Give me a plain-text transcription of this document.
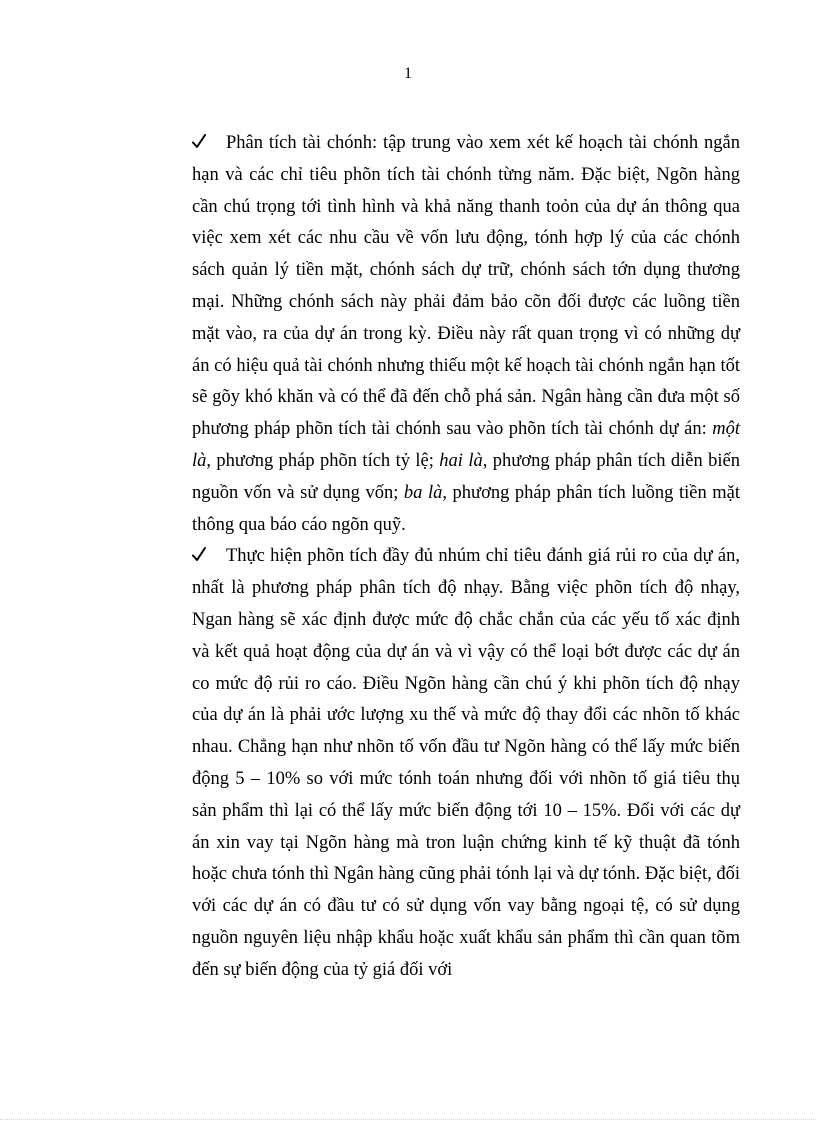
1

Phân tích tài chónh: tập trung vào xem xét kế hoạch tài chónh ngắn hạn và các chỉ tiêu phõn tích tài chónh từng năm. Đặc biệt, Ngõn hàng cần chú trọng tới tình hình và khả năng thanh toỏn của dự án thông qua việc xem xét các nhu cầu về vốn lưu động, tónh hợp lý của các chónh sách quản lý tiền mặt, chónh sách dự trữ, chónh sách tớn dụng thương mại. Những chónh sách này phải đảm bảo cõn đối được các luồng tiền mặt vào, ra của dự án trong kỳ. Điều này rất quan trọng vì có những dự án có hiệu quả tài chónh nhưng thiếu một kế hoạch tài chónh ngắn hạn tốt sẽ gõy khó khăn và có thể đã đến chỗ phá sản. Ngân hàng cần đưa một số phương pháp phõn tích tài chónh sau vào phõn tích tài chónh dự án: một là, phương pháp phõn tích tỷ lệ; hai là, phương pháp phân tích diễn biến nguồn vốn và sử dụng vốn; ba là, phương pháp phân tích luồng tiền mặt thông qua báo cáo ngõn quỹ.

Thực hiện phõn tích đầy đủ nhúm chỉ tiêu đánh giá rủi ro của dự án, nhất là phương pháp phân tích độ nhạy. Bằng việc phõn tích độ nhạy, Ngan hàng sẽ xác định được mức độ chắc chắn của các yếu tố xác định và kết quả hoạt động của dự án và vì vậy có thể loại bớt được các dự án co mức độ rủi ro cáo. Điều Ngõn hàng cần chú ý khi phõn tích độ nhạy của dự án là phải ước lượng xu thế và mức độ thay đổi các nhõn tố khác nhau. Chẳng hạn như nhõn tố vốn đầu tư Ngõn hàng có thể lấy mức biến động 5 – 10% so với mức tónh toán nhưng đối với nhõn tố giá tiêu thụ sản phẩm thì lại có thể lấy mức biến động tới 10 – 15%. Đối với các dự án xin vay tại Ngõn hàng mà tron luận chứng kinh tế kỹ thuật đã tónh hoặc chưa tónh thì Ngân hàng cũng phải tónh lại và dự tónh. Đặc biệt, đối với các dự án có đầu tư có sử dụng vốn vay bằng ngoại tệ, có sử dụng nguồn nguyên liệu nhập khẩu hoặc xuất khẩu sản phẩm thì cần quan tõm đến sự biến động của tỷ giá đối với
